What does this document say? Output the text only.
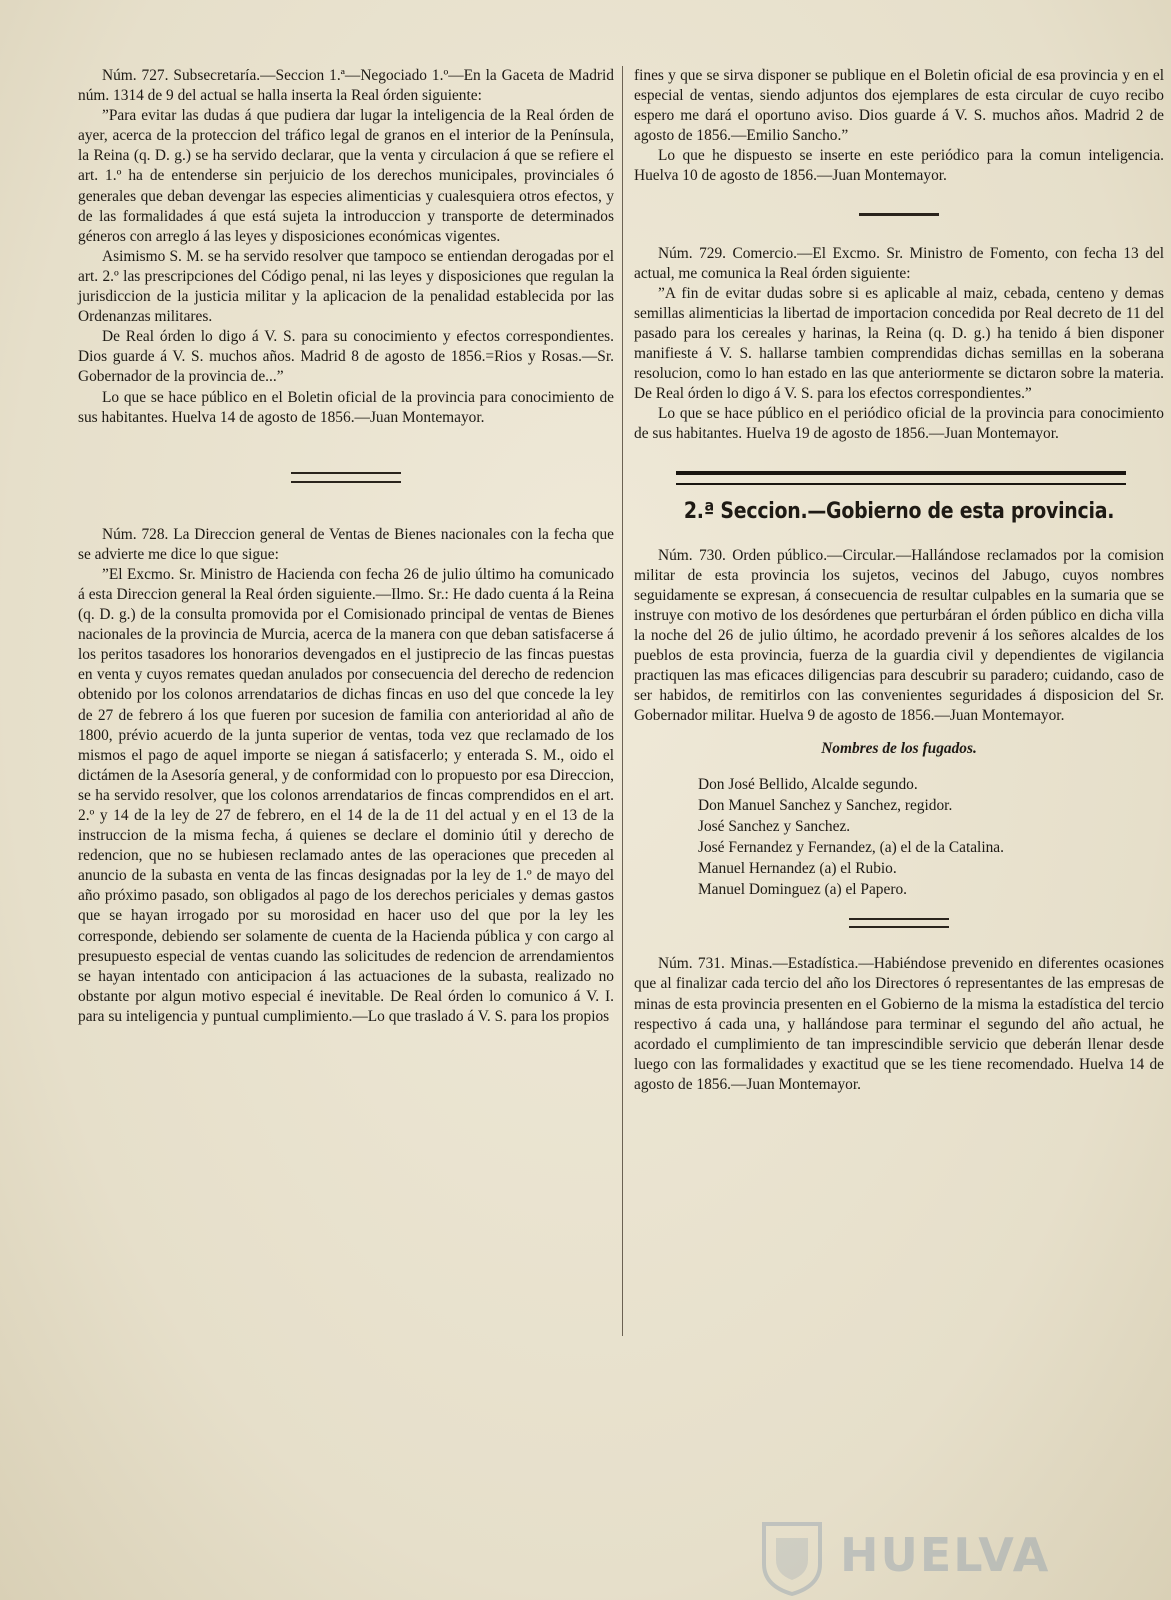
Núm. 727. Subsecretaría.—Seccion 1.ª—Negociado 1.º—En la Gaceta de Madrid núm. 1314 de 9 del actual se halla inserta la Real órden siguiente:

”Para evitar las dudas á que pudiera dar lugar la inteligencia de la Real órden de ayer, acerca de la proteccion del tráfico legal de granos en el interior de la Península, la Reina (q. D. g.) se ha servido declarar, que la venta y circulacion á que se refiere el art. 1.º ha de entenderse sin perjuicio de los derechos municipales, provinciales ó generales que deban devengar las especies alimenticias y cualesquiera otros efectos, y de las formalidades á que está sujeta la introduccion y transporte de determinados géneros con arreglo á las leyes y disposiciones económicas vigentes.

Asimismo S. M. se ha servido resolver que tampoco se entiendan derogadas por el art. 2.º las prescripciones del Código penal, ni las leyes y disposiciones que regulan la jurisdiccion de la justicia militar y la aplicacion de la penalidad establecida por las Ordenanzas militares.

De Real órden lo digo á V. S. para su conocimiento y efectos correspondientes. Dios guarde á V. S. muchos años. Madrid 8 de agosto de 1856.=Rios y Rosas.—Sr. Gobernador de la provincia de...”

Lo que se hace público en el Boletin oficial de la provincia para conocimiento de sus habitantes. Huelva 14 de agosto de 1856.—Juan Montemayor.

Núm. 728. La Direccion general de Ventas de Bienes nacionales con la fecha que se advierte me dice lo que sigue:

”El Excmo. Sr. Ministro de Hacienda con fecha 26 de julio último ha comunicado á esta Direccion general la Real órden siguiente.—Ilmo. Sr.: He dado cuenta á la Reina (q. D. g.) de la consulta promovida por el Comisionado principal de ventas de Bienes nacionales de la provincia de Murcia, acerca de la manera con que deban satisfacerse á los peritos tasadores los honorarios devengados en el justiprecio de las fincas puestas en venta y cuyos remates quedan anulados por consecuencia del derecho de redencion obtenido por los colonos arrendatarios de dichas fincas en uso del que concede la ley de 27 de febrero á los que fueren por sucesion de familia con anterioridad al año de 1800, prévio acuerdo de la junta superior de ventas, toda vez que reclamado de los mismos el pago de aquel importe se niegan á satisfacerlo; y enterada S. M., oido el dictámen de la Asesoría general, y de conformidad con lo propuesto por esa Direccion, se ha servido resolver, que los colonos arrendatarios de fincas comprendidos en el art. 2.º y 14 de la ley de 27 de febrero, en el 14 de la de 11 del actual y en el 13 de la instruccion de la misma fecha, á quienes se declare el dominio útil y derecho de redencion, que no se hubiesen reclamado antes de las operaciones que preceden al anuncio de la subasta en venta de las fincas designadas por la ley de 1.º de mayo del año próximo pasado, son obligados al pago de los derechos periciales y demas gastos que se hayan irrogado por su morosidad en hacer uso del que por la ley les corresponde, debiendo ser solamente de cuenta de la Hacienda pública y con cargo al presupuesto especial de ventas cuando las solicitudes de redencion de arrendamientos se hayan intentado con anticipacion á las actuaciones de la subasta, realizado no obstante por algun motivo especial é inevitable. De Real órden lo comunico á V. I. para su inteligencia y puntual cumplimiento.—Lo que traslado á V. S. para los propios

fines y que se sirva disponer se publique en el Boletin oficial de esa provincia y en el especial de ventas, siendo adjuntos dos ejemplares de esta circular de cuyo recibo espero me dará el oportuno aviso. Dios guarde á V. S. muchos años. Madrid 2 de agosto de 1856.—Emilio Sancho.”

Lo que he dispuesto se inserte en este periódico para la comun inteligencia. Huelva 10 de agosto de 1856.—Juan Montemayor.

Núm. 729. Comercio.—El Excmo. Sr. Ministro de Fomento, con fecha 13 del actual, me comunica la Real órden siguiente:

”A fin de evitar dudas sobre si es aplicable al maiz, cebada, centeno y demas semillas alimenticias la libertad de importacion concedida por Real decreto de 11 del pasado para los cereales y harinas, la Reina (q. D. g.) ha tenido á bien disponer manifieste á V. S. hallarse tambien comprendidas dichas semillas en la soberana resolucion, como lo han estado en las que anteriormente se dictaron sobre la materia. De Real órden lo digo á V. S. para los efectos correspondientes.”

Lo que se hace público en el periódico oficial de la provincia para conocimiento de sus habitantes. Huelva 19 de agosto de 1856.—Juan Montemayor.

2.ª Seccion.—Gobierno de esta provincia.

Núm. 730. Orden público.—Circular.—Hallándose reclamados por la comision militar de esta provincia los sujetos, vecinos del Jabugo, cuyos nombres seguidamente se expresan, á consecuencia de resultar culpables en la sumaria que se instruye con motivo de los desórdenes que perturbáran el órden público en dicha villa la noche del 26 de julio último, he acordado prevenir á los señores alcaldes de los pueblos de esta provincia, fuerza de la guardia civil y dependientes de vigilancia practiquen las mas eficaces diligencias para descubrir su paradero; cuidando, caso de ser habidos, de remitirlos con las convenientes seguridades á disposicion del Sr. Gobernador militar. Huelva 9 de agosto de 1856.—Juan Montemayor.

Nombres de los fugados.
Don José Bellido, Alcalde segundo.
Don Manuel Sanchez y Sanchez, regidor.
José Sanchez y Sanchez.
José Fernandez y Fernandez, (a) el de la Catalina.
Manuel Hernandez (a) el Rubio.
Manuel Dominguez (a) el Papero.

Núm. 731. Minas.—Estadística.—Habiéndose prevenido en diferentes ocasiones que al finalizar cada tercio del año los Directores ó representantes de las empresas de minas de esta provincia presenten en el Gobierno de la misma la estadística del tercio respectivo á cada una, y hallándose para terminar el segundo del año actual, he acordado el cumplimiento de tan imprescindible servicio que deberán llenar desde luego con las formalidades y exactitud que se les tiene recomendado. Huelva 14 de agosto de 1856.—Juan Montemayor.

HUELVA
